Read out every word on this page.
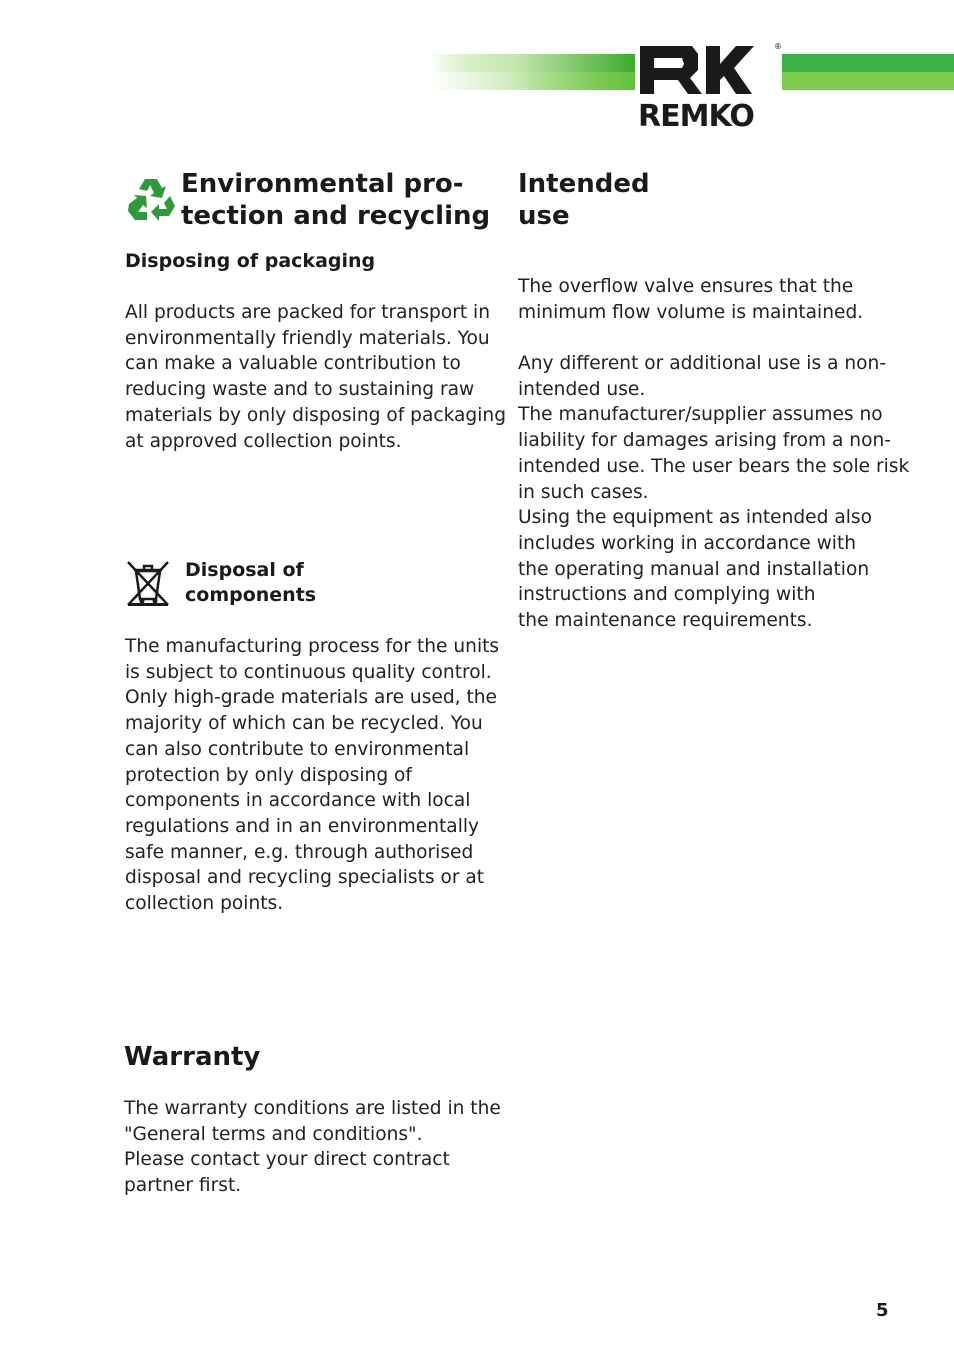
®
REMKO
Environmental pro-
tection and recycling
Disposing of packaging

All products are packed for transport in
environmentally friendly materials. You
can make a valuable contribution to
reducing waste and to sustaining raw
materials by only disposing of packaging
at approved collection points.

Disposal of
components

The manufacturing process for the units
is subject to continuous quality control.
Only high-grade materials are used, the
majority of which can be recycled. You
can also contribute to environmental
protection by only disposing of
components in accordance with local
regulations and in an environmentally
safe manner, e.g. through authorised
disposal and recycling specialists or at
collection points.

Intended
use

The overflow valve ensures that the
minimum flow volume is maintained.

Any different or additional use is a non-
intended use.
The manufacturer/supplier assumes no
liability for damages arising from a non-
intended use. The user bears the sole risk
in such cases.
Using the equipment as intended also
includes working in accordance with
the operating manual and installation
instructions and complying with
the maintenance requirements.

Warranty

The warranty conditions are listed in the
"General terms and conditions".
Please contact your direct contract
partner first.

5
